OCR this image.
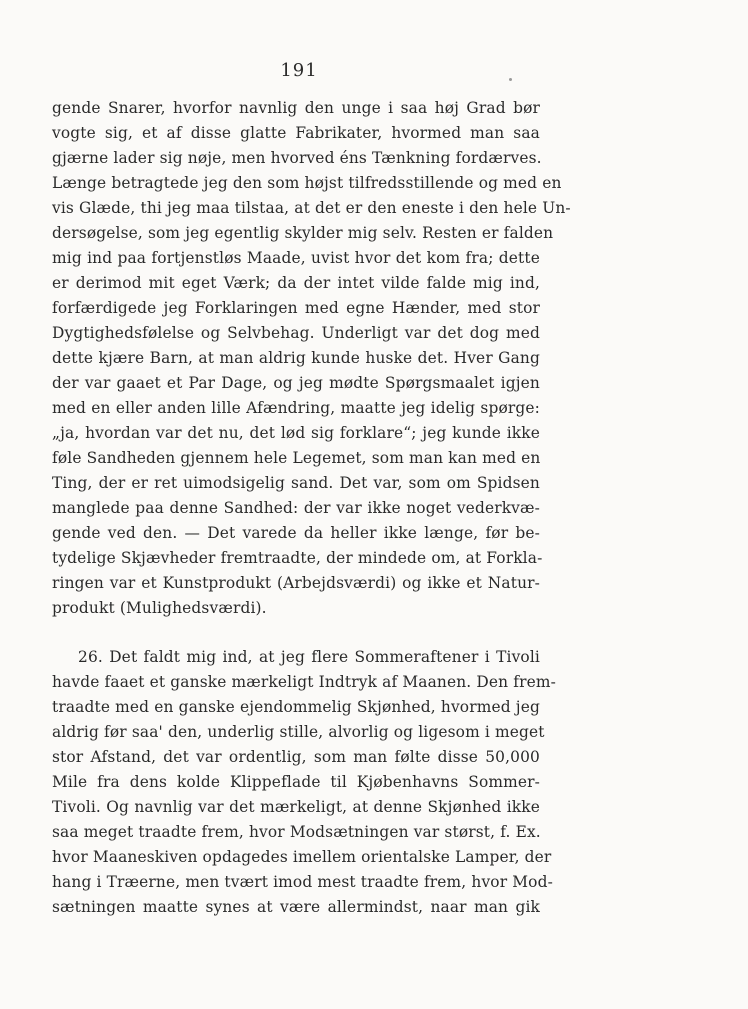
191
gende Snarer, hvorfor navnlig den unge i saa høj Grad bør
vogte sig, et af disse glatte Fabrikater, hvormed man saa
gjærne lader sig nøje, men hvorved éns Tænkning fordærves.
Længe betragtede jeg den som højst tilfredsstillende og med en
vis Glæde, thi jeg maa tilstaa, at det er den eneste i den hele Un-
dersøgelse, som jeg egentlig skylder mig selv. Resten er falden
mig ind paa fortjenstløs Maade, uvist hvor det kom fra; dette
er derimod mit eget Værk; da der intet vilde falde mig ind,
forfærdigede jeg Forklaringen med egne Hænder, med stor
Dygtighedsfølelse og Selvbehag. Underligt var det dog med
dette kjære Barn, at man aldrig kunde huske det. Hver Gang
der var gaaet et Par Dage, og jeg mødte Spørgsmaalet igjen
med en eller anden lille Afændring, maatte jeg idelig spørge:
„ja, hvordan var det nu, det lød sig forklare“; jeg kunde ikke
føle Sandheden gjennem hele Legemet, som man kan med en
Ting, der er ret uimodsigelig sand. Det var, som om Spidsen
manglede paa denne Sandhed: der var ikke noget vederkvæ-
gende ved den. — Det varede da heller ikke længe, før be-
tydelige Skjævheder fremtraadte, der mindede om, at Forkla-
ringen var et Kunstprodukt (Arbejdsværdi) og ikke et Natur-
produkt (Mulighedsværdi).
26. Det faldt mig ind, at jeg flere Sommeraftener i Tivoli
havde faaet et ganske mærkeligt Indtryk af Maanen. Den frem-
traadte med en ganske ejendommelig Skjønhed, hvormed jeg
aldrig før saa' den, underlig stille, alvorlig og ligesom i meget
stor Afstand, det var ordentlig, som man følte disse 50,000
Mile fra dens kolde Klippeflade til Kjøbenhavns Sommer-
Tivoli. Og navnlig var det mærkeligt, at denne Skjønhed ikke
saa meget traadte frem, hvor Modsætningen var størst, f. Ex.
hvor Maaneskiven opdagedes imellem orientalske Lamper, der
hang i Træerne, men tvært imod mest traadte frem, hvor Mod-
sætningen maatte synes at være allermindst, naar man gik
